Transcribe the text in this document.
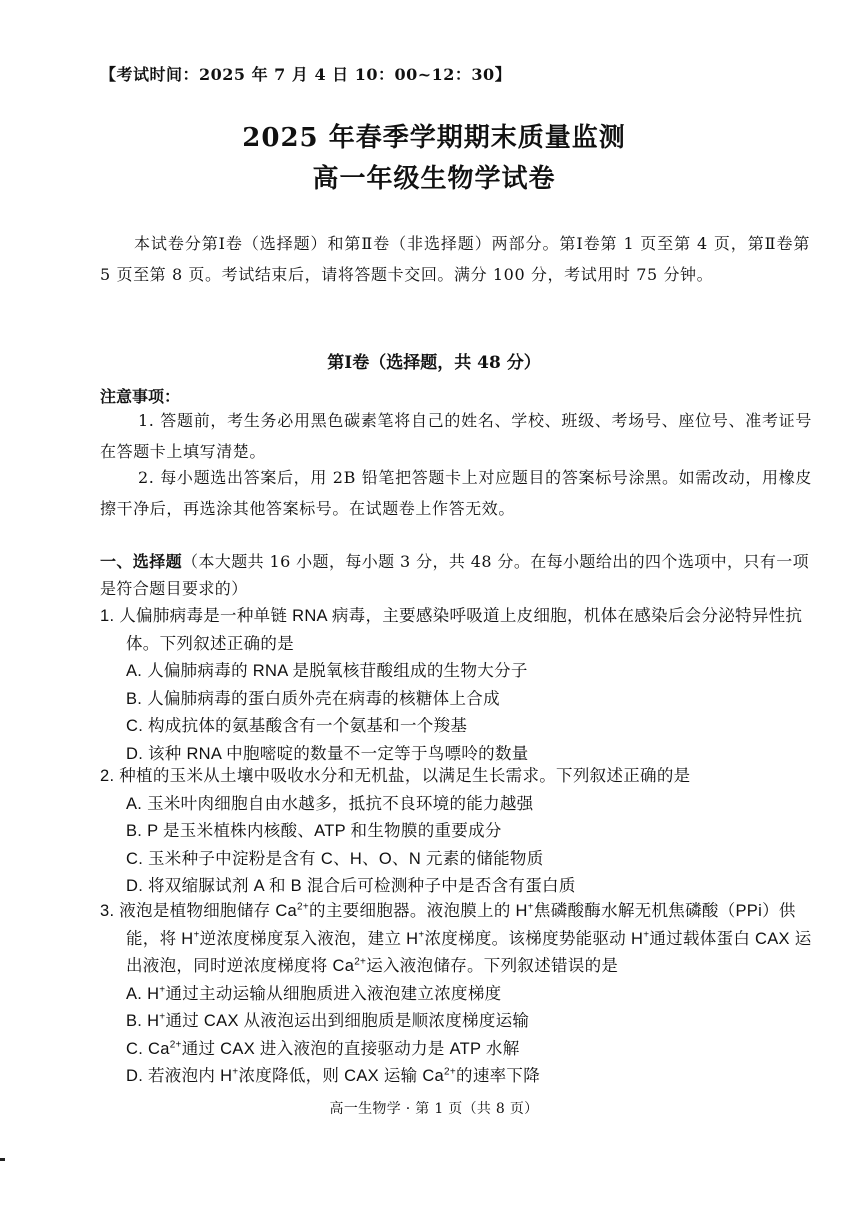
【考试时间：2025 年 7 月 4 日 10：00~12：30】
2025 年春季学期期末质量监测
高一年级生物学试卷
本试卷分第Ⅰ卷（选择题）和第Ⅱ卷（非选择题）两部分。第Ⅰ卷第 1 页至第 4 页，第Ⅱ卷第 5 页至第 8 页。考试结束后，请将答题卡交回。满分 100 分，考试用时 75 分钟。
第Ⅰ卷（选择题，共 48 分）
注意事项：
1. 答题前，考生务必用黑色碳素笔将自己的姓名、学校、班级、考场号、座位号、准考证号在答题卡上填写清楚。
2. 每小题选出答案后，用 2B 铅笔把答题卡上对应题目的答案标号涂黑。如需改动，用橡皮擦干净后，再选涂其他答案标号。在试题卷上作答无效。
一、选择题（本大题共 16 小题，每小题 3 分，共 48 分。在每小题给出的四个选项中，只有一项是符合题目要求的）
1. 人偏肺病毒是一种单链 RNA 病毒，主要感染呼吸道上皮细胞，机体在感染后会分泌特异性抗体。下列叙述正确的是
A. 人偏肺病毒的 RNA 是脱氧核苷酸组成的生物大分子
B. 人偏肺病毒的蛋白质外壳在病毒的核糖体上合成
C. 构成抗体的氨基酸含有一个氨基和一个羧基
D. 该种 RNA 中胞嘧啶的数量不一定等于鸟嘌呤的数量
2. 种植的玉米从土壤中吸收水分和无机盐，以满足生长需求。下列叙述正确的是
A. 玉米叶肉细胞自由水越多，抵抗不良环境的能力越强
B. P 是玉米植株内核酸、ATP 和生物膜的重要成分
C. 玉米种子中淀粉是含有 C、H、O、N 元素的储能物质
D. 将双缩脲试剂 A 和 B 混合后可检测种子中是否含有蛋白质
3. 液泡是植物细胞储存 $Ca^{2+}$的主要细胞器。液泡膜上的 H+焦磷酸酶水解无机焦磷酸（PPi）供能，将 H+逆浓度梯度泵入液泡，建立 H+浓度梯度。该梯度势能驱动 H+通过载体蛋白 CAX 运出液泡，同时逆浓度梯度将 $Ca^{2+}$运入液泡储存。下列叙述错误的是
A. H+通过主动运输从细胞质进入液泡建立浓度梯度
B. H+通过 CAX 从液泡运出到细胞质是顺浓度梯度运输
C. $Ca^{2+}$通过 CAX 进入液泡的直接驱动力是 ATP 水解
D. 若液泡内 H+浓度降低，则 CAX 运输 $Ca^{2+}$的速率下降
高一生物学 · 第 1 页（共 8 页）
